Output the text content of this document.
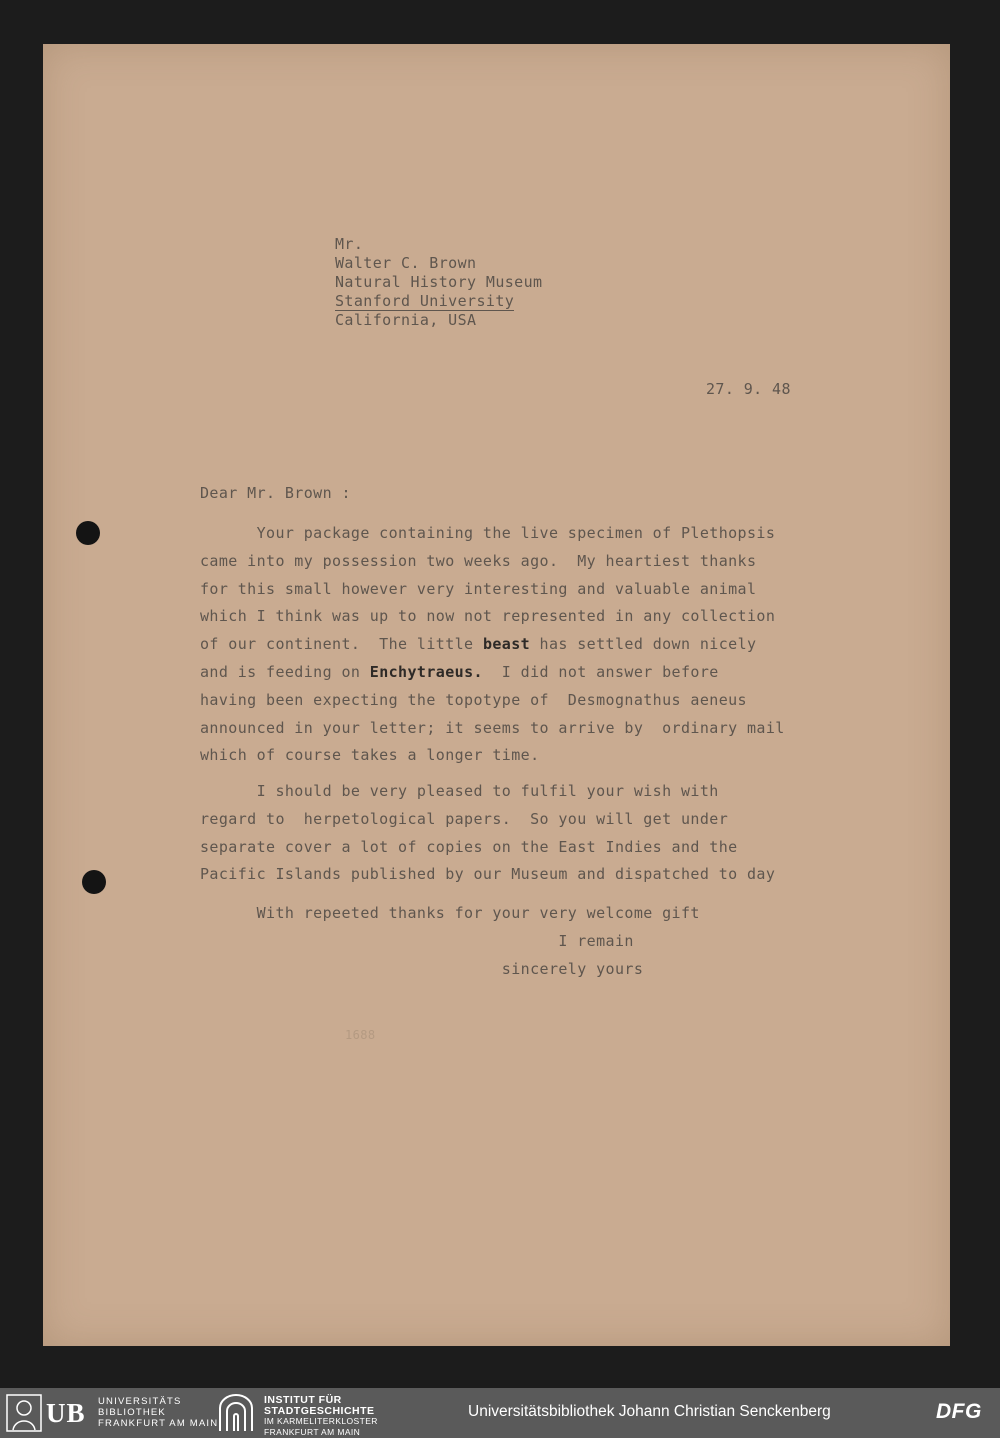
Mr.
Walter C. Brown
Natural History Museum
Stanford University
California, USA
27. 9. 48
Dear Mr. Brown :
Your package containing the live specimen of Plethopsis
came into my possession two weeks ago.  My heartiest thanks
for this small however very interesting and valuable animal
which I think was up to now not represented in any collection
of our continent.  The little beast has settled down nicely
and is feeding on Enchytraeus.  I did not answer before
having been expecting the topotype of  Desmognathus aeneus
announced in your letter; it seems to arrive by  ordinary mail
which of course takes a longer time.
I should be very pleased to fulfil your wish with
regard to  herpetological papers.  So you will get under
separate cover a lot of copies on the East Indies and the
Pacific Islands published by our Museum and dispatched to day
With repeeted thanks for your very welcome gift
I remain
sincerely yours
1688
UB UNIVERSITÄTS
BIBLIOTHEK
FRANKFURT AM MAIN
INSTITUT FÜR
STADTGESCHICHTE
IM KARMELITERKLOSTER
FRANKFURT AM MAIN
Universitätsbibliothek Johann Christian Senckenberg	DFG
